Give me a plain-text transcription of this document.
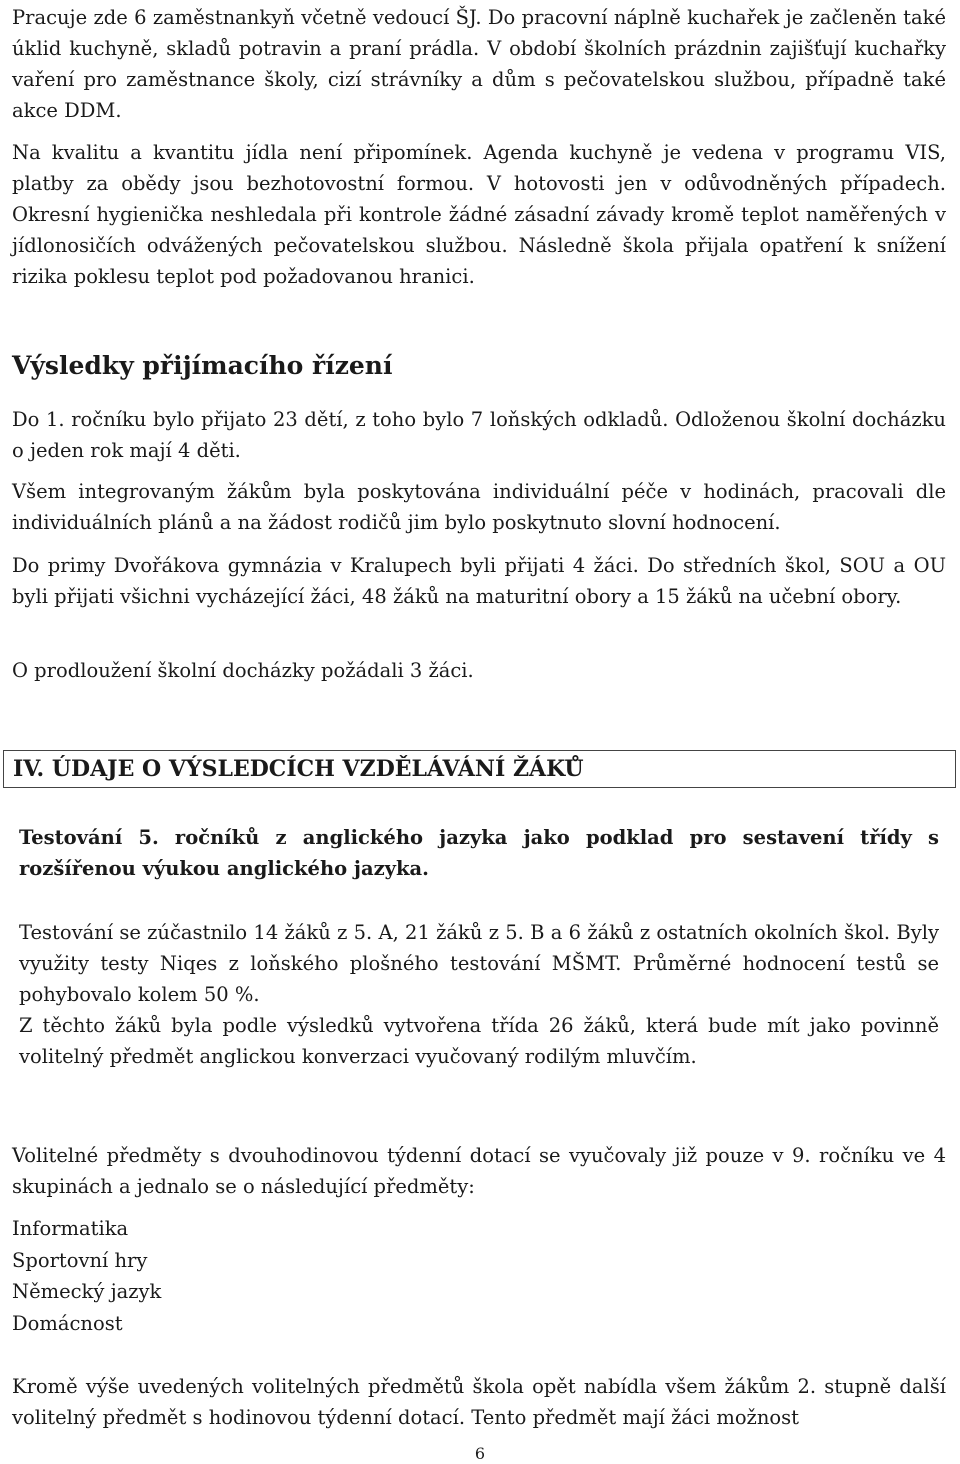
Pracuje zde 6 zaměstnankyň včetně vedoucí ŠJ. Do pracovní náplně kuchařek je začleněn také úklid kuchyně, skladů potravin a praní prádla. V období školních prázdnin zajišťují kuchařky vaření pro zaměstnance školy, cizí strávníky a dům s pečovatelskou službou, případně také akce DDM.

Na kvalitu a kvantitu jídla není připomínek. Agenda kuchyně je vedena v programu VIS, platby za obědy jsou bezhotovostní formou. V hotovosti jen v odůvodněných případech. Okresní hygienička neshledala při kontrole žádné zásadní závady kromě teplot naměřených v jídlonosičích odvážených pečovatelskou službou. Následně škola přijala opatření k snížení rizika poklesu teplot pod požadovanou hranici.

Výsledky přijímacího řízení

Do 1. ročníku bylo přijato 23 dětí, z toho bylo 7 loňských odkladů. Odloženou školní docházku o jeden rok mají 4 děti.

Všem integrovaným žákům byla poskytována individuální péče v hodinách, pracovali dle individuálních plánů a na žádost rodičů jim bylo poskytnuto slovní hodnocení.

Do primy Dvořákova gymnázia v Kralupech byli přijati 4 žáci. Do středních škol, SOU a OU byli přijati všichni vycházející žáci, 48 žáků na maturitní obory a 15 žáků na učební obory.

O prodloužení školní docházky požádali 3 žáci.

IV. ÚDAJE O VÝSLEDCÍCH VZDĚLÁVÁNÍ ŽÁKŮ

Testování 5. ročníků z anglického jazyka jako podklad pro sestavení třídy s rozšířenou výukou anglického jazyka.

Testování se zúčastnilo 14 žáků z 5. A, 21 žáků z 5. B a 6 žáků z ostatních okolních škol. Byly využity testy Niqes z loňského plošného testování MŠMT. Průměrné hodnocení testů se pohybovalo kolem 50 %.

Z těchto žáků byla podle výsledků vytvořena třída 26 žáků, která bude mít jako povinně volitelný předmět anglickou konverzaci vyučovaný rodilým mluvčím.

Volitelné předměty s dvouhodinovou týdenní dotací se vyučovaly již pouze v 9. ročníku ve 4 skupinách a jednalo se o následující předměty:

Informatika
Sportovní hry
Německý jazyk
Domácnost

Kromě výše uvedených volitelných předmětů škola opět nabídla všem žákům 2. stupně další volitelný předmět s hodinovou týdenní dotací. Tento předmět mají žáci možnost

6
